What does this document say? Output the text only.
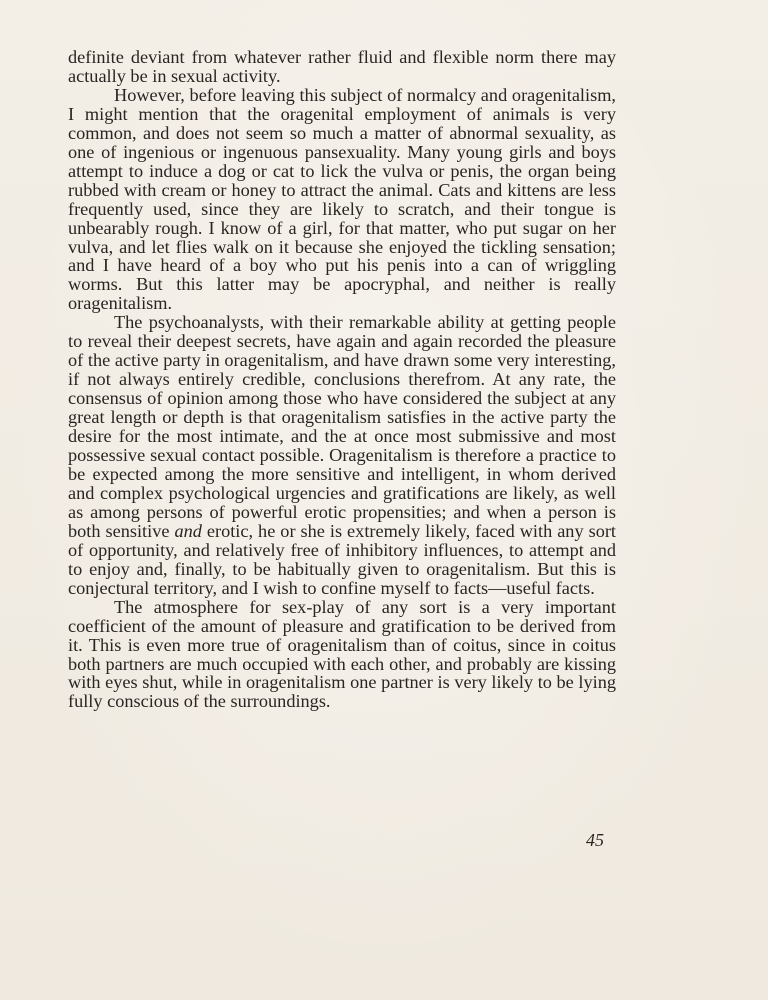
definite deviant from whatever rather fluid and flexible norm there may actually be in sexual activity.

However, before leaving this subject of normalcy and oragenitalism, I might mention that the oragenital employment of animals is very common, and does not seem so much a matter of abnormal sexuality, as one of ingenious or ingenuous pansexuality. Many young girls and boys attempt to induce a dog or cat to lick the vulva or penis, the organ being rubbed with cream or honey to attract the animal. Cats and kittens are less frequently used, since they are likely to scratch, and their tongue is unbearably rough. I know of a girl, for that matter, who put sugar on her vulva, and let flies walk on it because she enjoyed the tickling sensation; and I have heard of a boy who put his penis into a can of wriggling worms. But this latter may be apocryphal, and neither is really oragenitalism.

The psychoanalysts, with their remarkable ability at getting people to reveal their deepest secrets, have again and again recorded the pleasure of the active party in oragenitalism, and have drawn some very interesting, if not always entirely credible, conclusions therefrom. At any rate, the consensus of opinion among those who have considered the subject at any great length or depth is that oragenitalism satisfies in the active party the desire for the most intimate, and the at once most submissive and most possessive sexual contact possible. Oragenitalism is therefore a practice to be expected among the more sensitive and intelligent, in whom derived and complex psychological urgencies and gratifications are likely, as well as among persons of powerful erotic propensities; and when a person is both sensitive and erotic, he or she is extremely likely, faced with any sort of opportunity, and relatively free of inhibitory influences, to attempt and to enjoy and, finally, to be habitually given to oragenitalism. But this is conjectural territory, and I wish to confine myself to facts—useful facts.

The atmosphere for sex-play of any sort is a very important coefficient of the amount of pleasure and gratification to be derived from it. This is even more true of oragenitalism than of coitus, since in coitus both partners are much occupied with each other, and probably are kissing with eyes shut, while in oragenitalism one partner is very likely to be lying fully conscious of the surroundings.

45
